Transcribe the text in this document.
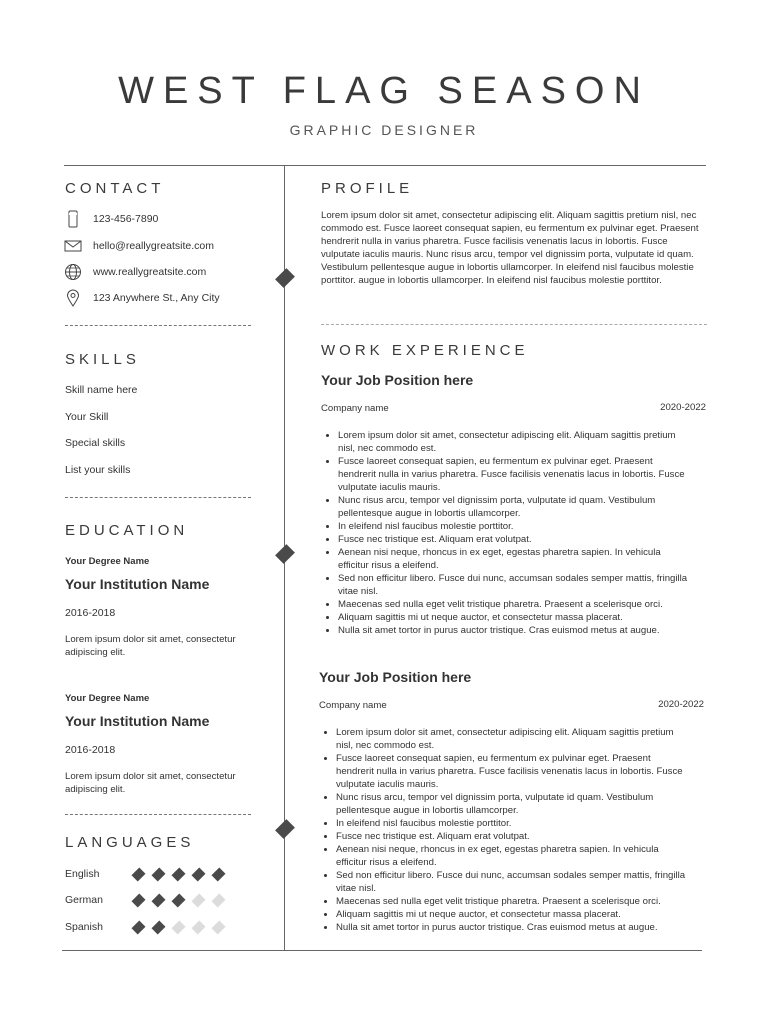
WEST FLAG SEASON
GRAPHIC DESIGNER
CONTACT
123-456-7890
hello@reallygreatsite.com
www.reallygreatsite.com
123 Anywhere St., Any City
SKILLS
Skill name here
Your Skill
Special skills
List your skills
EDUCATION
Your Degree Name
Your Institution Name
2016-2018
Lorem ipsum dolor sit amet, consectetur adipiscing elit.
Your Degree Name
Your Institution Name
2016-2018
Lorem ipsum dolor sit amet, consectetur adipiscing elit.
LANGUAGES
English
German
Spanish
PROFILE
Lorem ipsum dolor sit amet, consectetur adipiscing elit. Aliquam sagittis pretium nisl, nec commodo est. Fusce laoreet consequat sapien, eu fermentum ex pulvinar eget. Praesent hendrerit nulla in varius pharetra. Fusce facilisis venenatis lacus in lobortis. Fusce vulputate iaculis mauris. Nunc risus arcu, tempor vel dignissim porta, vulputate id quam. Vestibulum pellentesque augue in lobortis ullamcorper. In eleifend nisl faucibus molestie porttitor. augue in lobortis ullamcorper. In eleifend nisl faucibus molestie porttitor.
WORK EXPERIENCE
Your Job Position here
Company name	2020-2022
• Lorem ipsum dolor sit amet, consectetur adipiscing elit. Aliquam sagittis pretium nisl, nec commodo est.
• Fusce laoreet consequat sapien, eu fermentum ex pulvinar eget. Praesent hendrerit nulla in varius pharetra. Fusce facilisis venenatis lacus in lobortis. Fusce vulputate iaculis mauris.
• Nunc risus arcu, tempor vel dignissim porta, vulputate id quam. Vestibulum pellentesque augue in lobortis ullamcorper.
• In eleifend nisl faucibus molestie porttitor.
• Fusce nec tristique est. Aliquam erat volutpat.
• Aenean nisi neque, rhoncus in ex eget, egestas pharetra sapien. In vehicula efficitur risus a eleifend.
• Sed non efficitur libero. Fusce dui nunc, accumsan sodales semper mattis, fringilla vitae nisl.
• Maecenas sed nulla eget velit tristique pharetra. Praesent a scelerisque orci.
• Aliquam sagittis mi ut neque auctor, et consectetur massa placerat.
• Nulla sit amet tortor in purus auctor tristique. Cras euismod metus at augue.
Your Job Position here
Company name	2020-2022
• Lorem ipsum dolor sit amet, consectetur adipiscing elit. Aliquam sagittis pretium nisl, nec commodo est.
• Fusce laoreet consequat sapien, eu fermentum ex pulvinar eget. Praesent hendrerit nulla in varius pharetra. Fusce facilisis venenatis lacus in lobortis. Fusce vulputate iaculis mauris.
• Nunc risus arcu, tempor vel dignissim porta, vulputate id quam. Vestibulum pellentesque augue in lobortis ullamcorper.
• In eleifend nisl faucibus molestie porttitor.
• Fusce nec tristique est. Aliquam erat volutpat.
• Aenean nisi neque, rhoncus in ex eget, egestas pharetra sapien. In vehicula efficitur risus a eleifend.
• Sed non efficitur libero. Fusce dui nunc, accumsan sodales semper mattis, fringilla vitae nisl.
• Maecenas sed nulla eget velit tristique pharetra. Praesent a scelerisque orci.
• Aliquam sagittis mi ut neque auctor, et consectetur massa placerat.
• Nulla sit amet tortor in purus auctor tristique. Cras euismod metus at augue.
